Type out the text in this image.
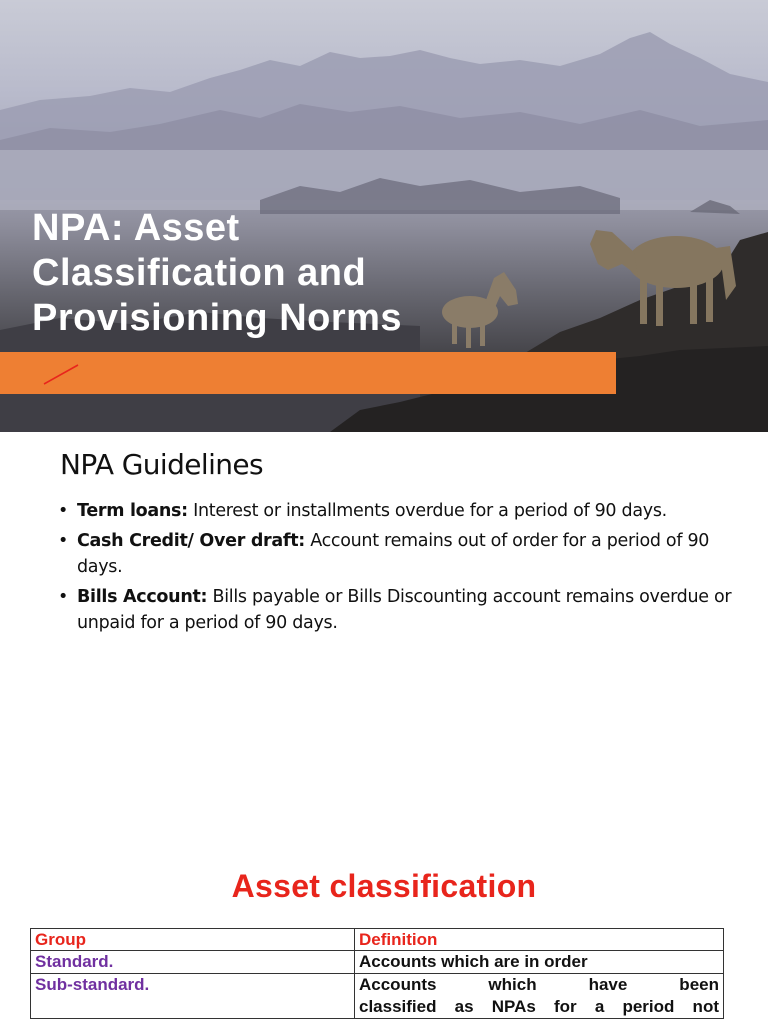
NPA: Asset Classification and Provisioning Norms
NPA Guidelines
• Term loans: Interest or installments overdue for a period of 90 days.
• Cash Credit/ Over draft: Account remains out of order for a period of 90 days.
• Bills Account: Bills payable or Bills Discounting account remains overdue or unpaid for a period of 90 days.
Asset classification
Group	Definition
Standard.	Accounts which are in order
Sub-standard.	Accounts which have been
classified as NPAs for a period not
